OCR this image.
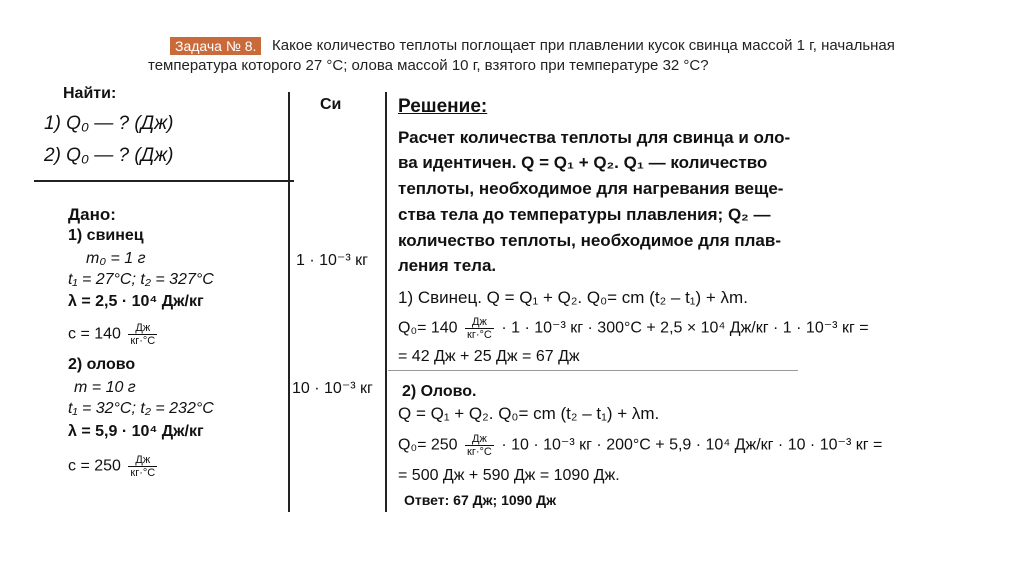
Задача № 8.	Какое количество теплоты поглощает при плавлении кусок свинца массой 1 г, начальная
температура которого 27 °C; олова массой 10 г, взятого при температуре 32 °C?
Найти:
1) Q₀ — ? (Дж)
2) Q₀ — ? (Дж)
Дано:
1) свинец
m₀ = 1 г
t₁ = 27°C; t₂ = 327°C
λ = 2,5 · 10⁴ Дж/кг
$c = 140 \frac{Дж}{кг\cdot^\circ C}$
2) олово
m = 10 г
t₁ = 32°C; t₂ = 232°C
λ = 5,9 · 10⁴ Дж/кг
$c = 250 \frac{Дж}{кг\cdot^\circ C}$
Си
1 · 10⁻³ кг
10 · 10⁻³ кг
Решение:
Расчет количества теплоты для свинца и оло-
ва идентичен. Q = Q₁ + Q₂. Q₁ — количество
теплоты, необходимое для нагревания веще-
ства тела до температуры плавления; Q₂ —
количество теплоты, необходимое для плав-
ления тела.
1) Свинец. Q = Q₁ + Q₂. Q₀= cm (t₂ – t₁) + λm.
$Q_0= 140 \frac{Дж}{кг\cdot^\circ C} \cdot 1 \cdot 10^{-3}$ кг · 300°C + 2,5 × 10⁴ Дж/кг · 1 · 10⁻³ кг =
= 42 Дж + 25 Дж = 67 Дж
2) Олово.
Q = Q₁ + Q₂. Q₀= cm (t₂ – t₁) + λm.
$Q_0= 250 \frac{Дж}{кг\cdot^\circ C} \cdot 10 \cdot 10^{-3}$ кг · 200°C + 5,9 · 10⁴ Дж/кг · 10 · 10⁻³ кг =
= 500 Дж + 590 Дж = 1090 Дж.
Ответ: 67 Дж; 1090 Дж
